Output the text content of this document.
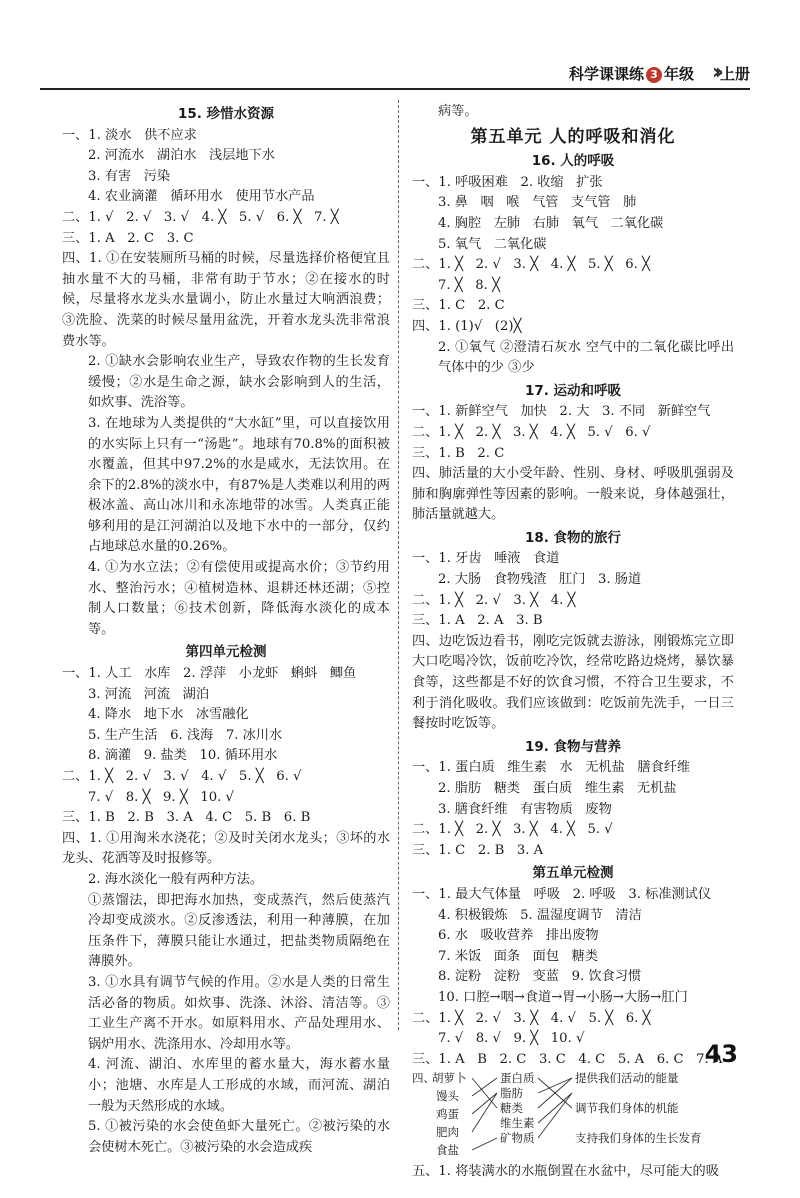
科学课课练 3 年级 ›› 上册
15. 珍惜水资源

一、1. 淡水   供不应求

2. 河流水   湖泊水   浅层地下水

3. 有害   污染

4. 农业滴灌   循环用水   使用节水产品

二、1. √   2. √   3. √   4. ╳   5. √   6. ╳   7. ╳

三、1. A   2. C   3. C

四、1. ①在安装厕所马桶的时候，尽量选择价格便宜且抽水量不大的马桶，非常有助于节水；②在接水的时候，尽量将水龙头水量调小，防止水量过大响洒浪费；③洗脸、洗菜的时候尽量用盆洗，开着水龙头洗非常浪费水等。

2. ①缺水会影响农业生产，导致农作物的生长发育缓慢；②水是生命之源，缺水会影响到人的生活，如炊事、洗浴等。

3. 在地球为人类提供的“大水缸”里，可以直接饮用的水实际上只有一“汤匙”。地球有70.8%的面积被水覆盖，但其中97.2%的水是咸水，无法饮用。在余下的2.8%的淡水中，有87%是人类难以利用的两极冰盖、高山冰川和永冻地带的冰雪。人类真正能够利用的是江河湖泊以及地下水中的一部分，仅约占地球总水量的0.26%。

4. ①为水立法；②有偿使用或提高水价；③节约用水、整治污水；④植树造林、退耕还林还湖；⑤控制人口数量；⑥技术创新，降低海水淡化的成本等。

第四单元检测

一、1. 人工   水库   2. 浮萍   小龙虾   蝌蚪   鲫鱼

3. 河流   河流   湖泊

4. 降水   地下水   冰雪融化

5. 生产生活   6. 浅海   7. 冰川水

8. 滴灌   9. 盐类   10. 循环用水

二、1. ╳   2. √   3. √   4. √   5. ╳   6. √

7. √   8. ╳   9. ╳   10. √

三、1. B   2. B   3. A   4. C   5. B   6. B

四、1. ①用淘米水浇花；②及时关闭水龙头；③坏的水龙头、花洒等及时报修等。

2. 海水淡化一般有两种方法。

①蒸馏法，即把海水加热，变成蒸汽，然后使蒸汽冷却变成淡水。②反渗透法，利用一种薄膜，在加压条件下，薄膜只能让水通过，把盐类物质隔绝在薄膜外。

3. ①水具有调节气候的作用。②水是人类的日常生活必备的物质。如炊事、洗涤、沐浴、清洁等。③工业生产离不开水。如原料用水、产品处理用水、锅炉用水、洗涤用水、冷却用水等。

4. 河流、湖泊、水库里的蓄水量大，海水蓄水量小；池塘、水库是人工形成的水域，而河流、湖泊一般为天然形成的水域。

5. ①被污染的水会使鱼虾大量死亡。②被污染的水会使树木死亡。③被污染的水会造成疾

病等。

第五单元 人的呼吸和消化
16. 人的呼吸

一、1. 呼吸困难   2. 收缩   扩张

3. 鼻   咽   喉   气管   支气管   肺

4. 胸腔   左肺   右肺   氧气   二氧化碳

5. 氧气   二氧化碳

二、1. ╳   2. √   3. ╳   4. ╳   5. ╳   6. ╳

7. ╳   8. ╳

三、1. C   2. C

四、1. (1)√   (2)╳

2. ①氧气 ②澄清石灰水 空气中的二氧化碳比呼出气体中的少 ③少

17. 运动和呼吸

一、1. 新鲜空气   加快   2. 大   3. 不同   新鲜空气

二、1. ╳   2. ╳   3. ╳   4. ╳   5. √   6. √

三、1. B   2. C

四、肺活量的大小受年龄、性别、身材、呼吸肌强弱及肺和胸廓弹性等因素的影响。一般来说，身体越强壮，肺活量就越大。

18. 食物的旅行

一、1. 牙齿   唾液   食道

2. 大肠   食物残渣   肛门   3. 肠道

二、1. ╳   2. √   3. ╳   4. ╳

三、1. A   2. A   3. B

四、边吃饭边看书，刚吃完饭就去游泳，刚锻炼完立即大口吃喝冷饮，饭前吃冷饮，经常吃路边烧烤，暴饮暴食等，这些都是不好的饮食习惯，不符合卫生要求，不利于消化吸收。我们应该做到：吃饭前先洗手，一日三餐按时吃饭等。

19. 食物与营养

一、1. 蛋白质   维生素   水   无机盐   膳食纤维

2. 脂肪   糖类   蛋白质   维生素   无机盐

3. 膳食纤维   有害物质   废物

二、1. ╳   2. ╳   3. ╳   4. ╳   5. √

三、1. C   2. B   3. A

第五单元检测

一、1. 最大气体量   呼吸   2. 呼吸   3. 标准测试仪

4. 积极锻炼   5. 温湿度调节   清洁

6. 水   吸收营养   排出废物

7. 米饭   面条   面包   糖类

8. 淀粉   淀粉   变蓝   9. 饮食习惯

10. 口腔→咽→食道→胃→小肠→大肠→肛门

二、1. ╳   2. √   3. ╳   4. √   5. ╳   6. ╳

7. √   8. √   9. ╳   10. √

三、1. A   B   2. C   3. C   4. C   5. A   6. C   7. A

四、
胡萝卜
馒头
鸡蛋
肥肉
食盐
蛋白质
脂肪
糖类
维生素
矿物质
提供我们活动的能量
调节我们身体的机能
支持我们身体的生长发育

五、1. 将装满水的水瓶倒置在水盆中，尽可能大的吸

43
